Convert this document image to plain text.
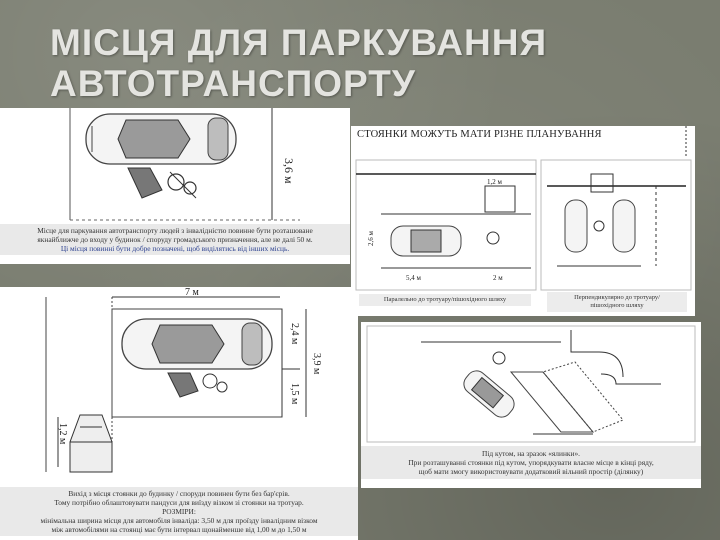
МІСЦЯ ДЛЯ ПАРКУВАННЯ
АВТОТРАНСПОРТУ
3,6 м
Місце для паркування автотранспорту людей з інвалідністю повинне бути розташоване
якнайближче до входу у будинок / споруду громадського призначення, але не далі 50 м.
Ці місця повинні бути добре позначені, щоб виділятись від інших місць.
7 м
2,4 м
1,5 м
3,9 м
1,2 м
Вихід з місця стоянки до будинку / споруди повинен бути без бар'єрів.
Тому потрібно облаштовувати пандуси для виїзду візком зі стоянки на тротуар.
РОЗМІРИ:
мінімальна ширина місця для автомобіля інваліда: 3,50 м для проїзду інвалідним візком
між автомобілями на стоянці має бути інтервал щонайменше від 1,00 м до 1,50 м
СТОЯНКИ МОЖУТЬ МАТИ РІЗНЕ ПЛАНУВАННЯ
1,2 м
2,6 м
5,4 м	2 м
Паралельно до тротуару/пішохідного шляху	Перпендикулярно до тротуару/
пішохідного шляху
Під кутом, на зразок «ялинки».
При розташуванні стоянки під кутом, упорядкувати власне місце в кінці ряду,
щоб мати змогу використовувати додатковий вільний простір (ділянку)
